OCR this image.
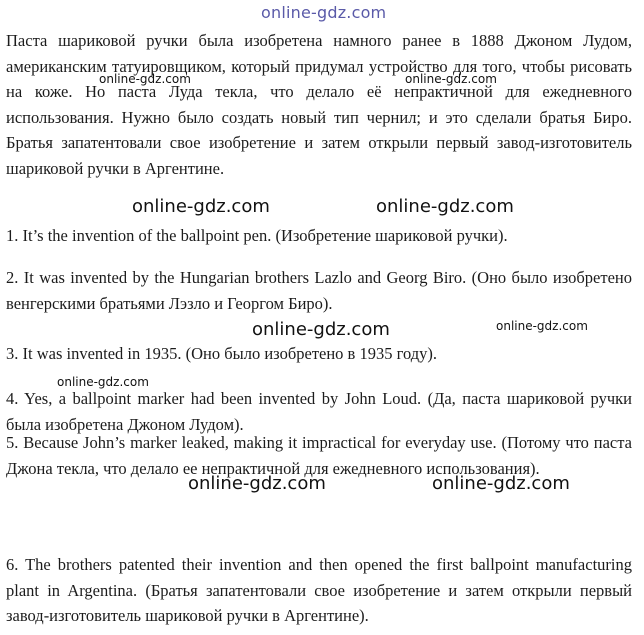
Паста шариковой ручки была изобретена намного ранее в 1888 Джоном Лудом, американским татуировщиком, который придумал устройство для того, чтобы рисовать на коже. Но паста Луда текла, что делало её непрактичной для ежедневного использования. Нужно было создать новый тип чернил; и это сделали братья Биро. Братья запатентовали свое изобретение и затем открыли первый завод-изготовитель шариковой ручки в Аргентине.

1. It’s the invention of the ballpoint pen. (Изобретение шариковой ручки).

2. It was invented by the Hungarian brothers Lazlo and Georg Biro. (Оно было изобретено венгерскими братьями Лэзло и Георгом Биро).

3. It was invented in 1935. (Оно было изобретено в 1935 году).

4. Yes, a ballpoint marker had been invented by John Loud. (Да, паста шариковой ручки была изобретена Джоном Лудом).

5. Because John’s marker leaked, making it impractical for everyday use. (Потому что паста Джона текла, что делало ее непрактичной для ежедневного использования).

6. The brothers patented their invention and then opened the first ballpoint manufacturing plant in Argentina. (Братья запатентовали свое изобретение и затем открыли первый завод-изготовитель шариковой ручки в Аргентине).

online-gdz.com
online-gdz.com	online-gdz.com
online-gdz.com	online-gdz.com
online-gdz.com	online-gdz.com
online-gdz.com
online-gdz.com	online-gdz.com
